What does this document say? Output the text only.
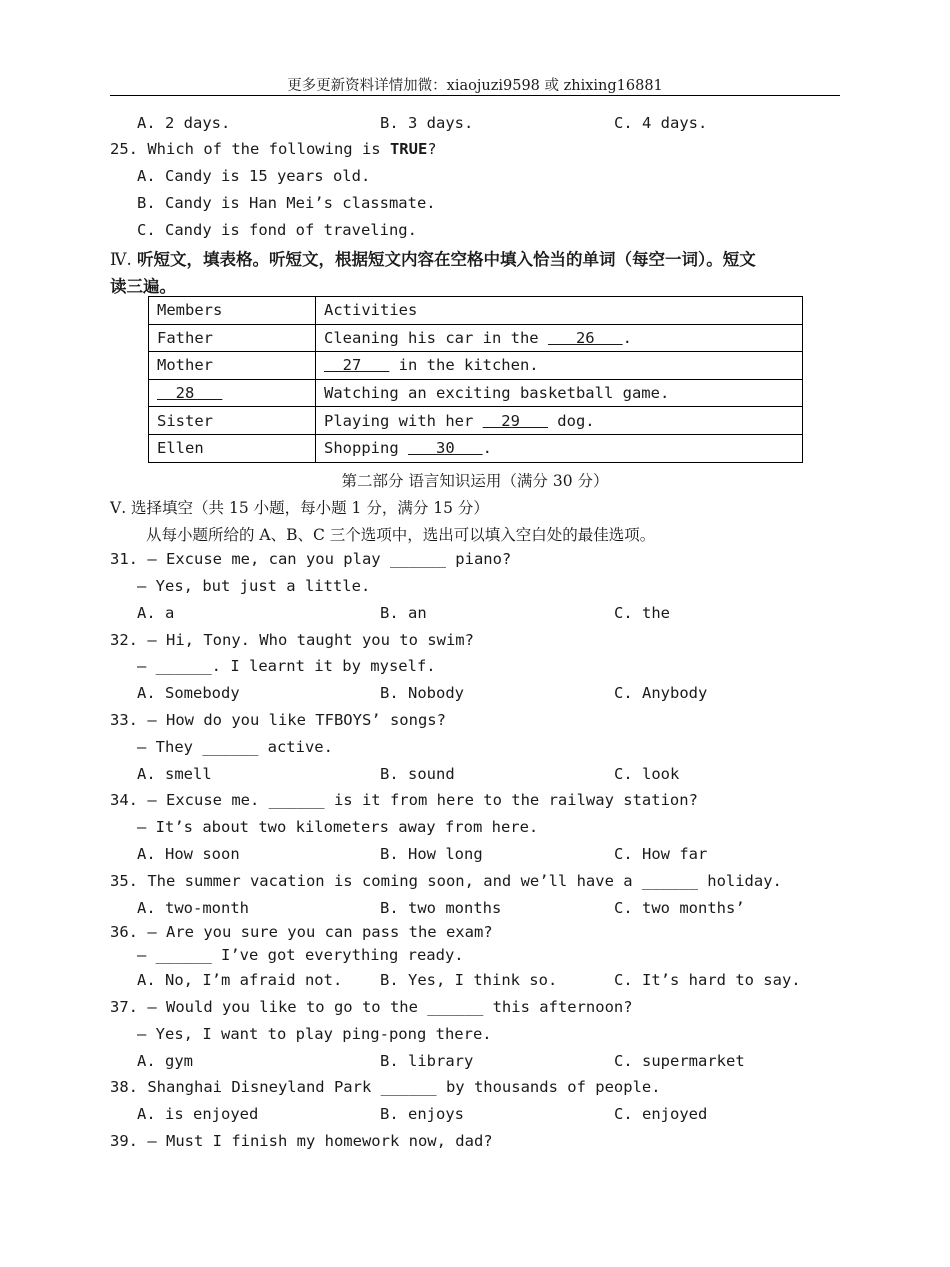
更多更新资料详情加微：xiaojuzi9598 或 zhixing16881
A. 2 days.	B. 3 days.	C. 4 days.
25. Which of the following is TRUE?
A. Candy is 15 years old.
B. Candy is Han Mei’s classmate.
C. Candy is fond of traveling.
Ⅳ. 听短文，填表格。听短文，根据短文内容在空格中填入恰当的单词（每空一词）。短文
读三遍。
Members	Activities
Father	Cleaning his car in the    26   .
Mother	27    in the kitchen.
28	Watching an exciting basketball game.
Sister	Playing with her   29    dog.
Ellen	Shopping    30   .
第二部分 语言知识运用（满分 30 分）
Ⅴ. 选择填空（共 15 小题，每小题 1 分，满分 15 分）
从每小题所给的 A、B、C 三个选项中，选出可以填入空白处的最佳选项。
31. — Excuse me, can you play ______ piano?
— Yes, but just a little.
A. a	B. an	C. the
32. — Hi, Tony. Who taught you to swim?
— ______. I learnt it by myself.
A. Somebody	B. Nobody	C. Anybody
33. — How do you like TFBOYS’ songs?
— They ______ active.
A. smell	B. sound	C. look
34. — Excuse me. ______ is it from here to the railway station?
— It’s about two kilometers away from here.
A. How soon	B. How long	C. How far
35. The summer vacation is coming soon, and we’ll have a ______ holiday.
A. two-month	B. two months	C. two months’
36. — Are you sure you can pass the exam?
— ______ I’ve got everything ready.
A. No, I’m afraid not. B. Yes, I think so.	C. It’s hard to say.
37. — Would you like to go to the ______ this afternoon?
— Yes, I want to play ping-pong there.
A. gym	B. library	C. supermarket
38. Shanghai Disneyland Park ______ by thousands of people.
A. is enjoyed	B. enjoys	C. enjoyed
39. — Must I finish my homework now, dad?
